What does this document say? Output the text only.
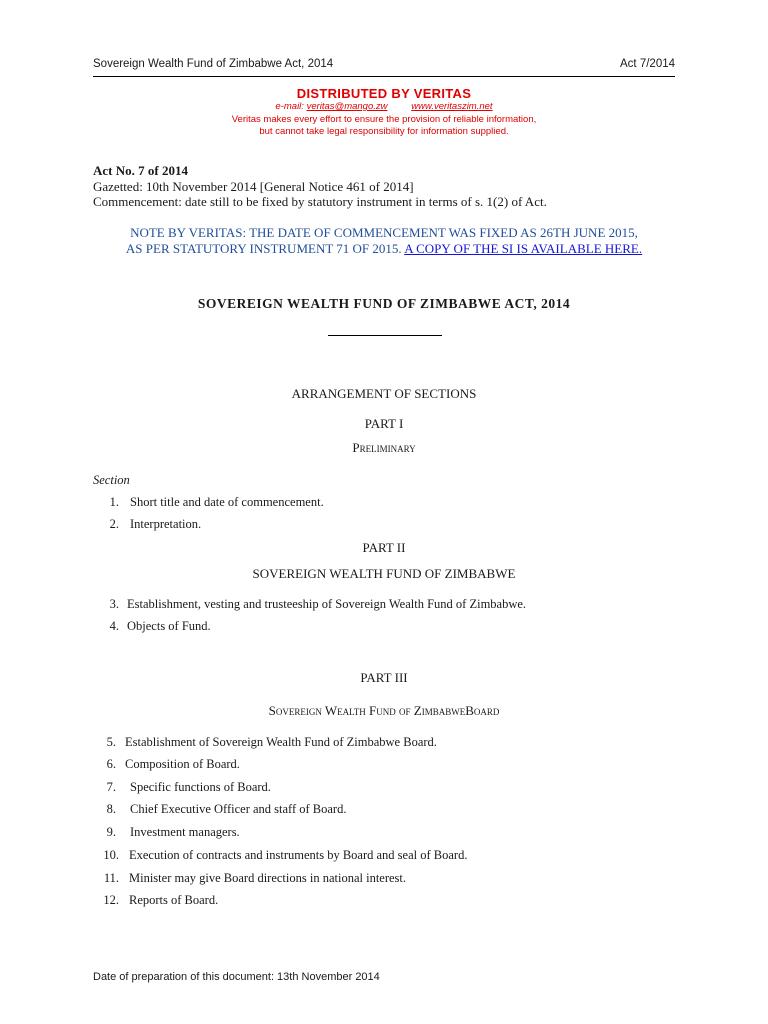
Sovereign Wealth Fund of Zimbabwe Act, 2014	Act 7/2014
DISTRIBUTED BY VERITAS
e-mail: veritas@mango.zw	www.veritaszim.net
Veritas makes every effort to ensure the provision of reliable information,
but cannot take legal responsibility for information supplied.
Act No. 7 of 2014
Gazetted: 10th November 2014 [General Notice 461 of 2014]
Commencement: date still to be fixed by statutory instrument in terms of s. 1(2) of Act.
NOTE BY VERITAS: THE DATE OF COMMENCEMENT WAS FIXED AS 26TH JUNE 2015,
AS PER STATUTORY INSTRUMENT 71 OF 2015. A COPY OF THE SI IS AVAILABLE HERE.
SOVEREIGN WEALTH FUND OF ZIMBABWE ACT, 2014
ARRANGEMENT OF SECTIONS
PART I
Preliminary
Section
1. Short title and date of commencement.
2. Interpretation.
PART II
SOVEREIGN WEALTH FUND OF ZIMBABWE
3. Establishment, vesting and trusteeship of Sovereign Wealth Fund of Zimbabwe.
4. Objects of Fund.
PART III
Sovereign Wealth Fund of ZimbabweBoard
5. Establishment of Sovereign Wealth Fund of Zimbabwe Board.
6. Composition of Board.
7. Specific functions of Board.
8. Chief Executive Officer and staff of Board.
9. Investment managers.
10. Execution of contracts and instruments by Board and seal of Board.
11. Minister may give Board directions in national interest.
12. Reports of Board.
Date of preparation of this document: 13th November 2014
